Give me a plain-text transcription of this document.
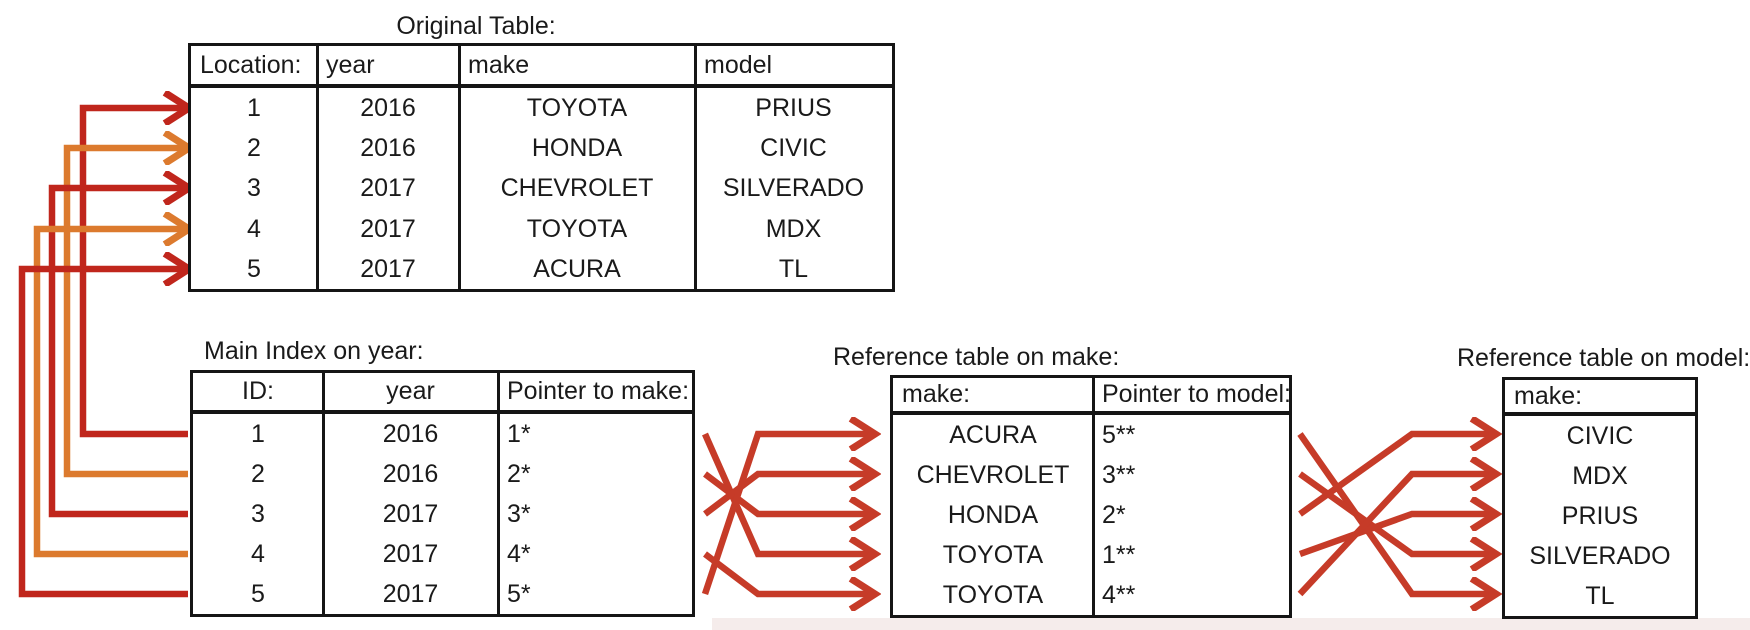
Original Table:
Location: year	make	model
1	2016	TOYOTA	PRIUS
2	2016	HONDA	CIVIC
3	2017	CHEVROLET	SILVERADO
4	2017	TOYOTA	MDX
5	2017	ACURA	TL
Main Index on year:
ID:	year	Pointer to make:
1	2016	1*
2	2016	2*
3	2017	3*
4	2017	4*
5	2017	5*
Reference table on make:
make:	Pointer to model:
ACURA	5**
CHEVROLET	3**
HONDA	2*
TOYOTA	1**
TOYOTA	4**
Reference table on model:
make:
CIVIC
MDX
PRIUS
SILVERADO
TL
